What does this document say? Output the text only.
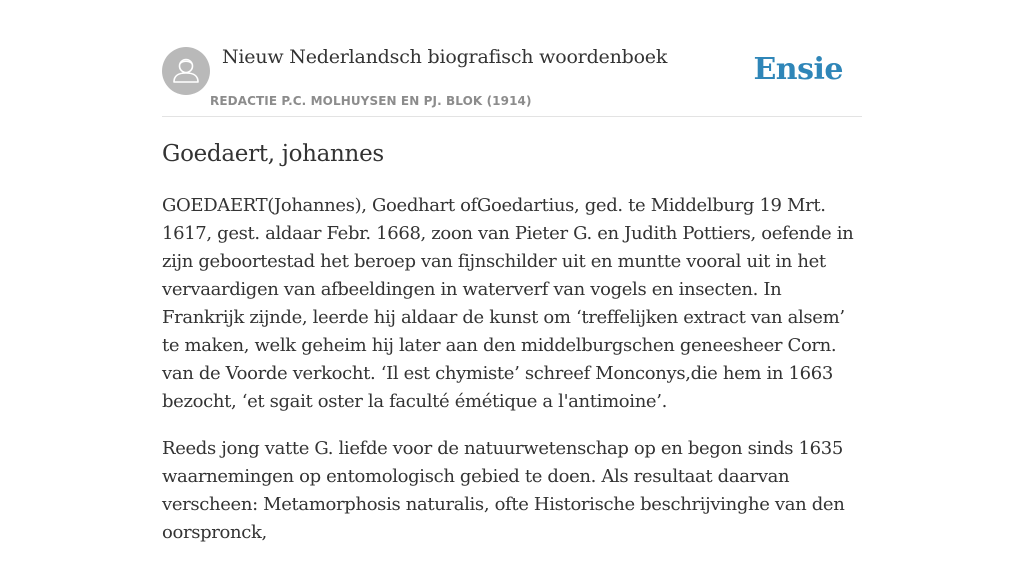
Nieuw Nederlandsch biografisch woordenboek
REDACTIE P.C. MOLHUYSEN EN PJ. BLOK (1914)
Ensie
Goedaert, johannes

GOEDAERT(Johannes), Goedhart ofGoedartius, ged. te Middelburg 19 Mrt. 1617, gest. aldaar Febr. 1668, zoon van Pieter G. en Judith Pottiers, oefende in zijn geboortestad het beroep van fijnschilder uit en muntte vooral uit in het vervaardigen van afbeeldingen in waterverf van vogels en insecten. In Frankrijk zijnde, leerde hij aldaar de kunst om ‘treffelijken extract van alsem’ te maken, welk geheim hij later aan den middelburgschen geneesheer Corn. van de Voorde verkocht. ‘Il est chymiste’ schreef Monconys,die hem in 1663 bezocht, ‘et sgait oster la faculté émétique a l'antimoine’.

Reeds jong vatte G. liefde voor de natuurwetenschap op en begon sinds 1635 waarnemingen op entomologisch gebied te doen. Als resultaat daarvan verscheen: Metamorphosis naturalis, ofte Historische beschrijvinghe van den oorspronck,
